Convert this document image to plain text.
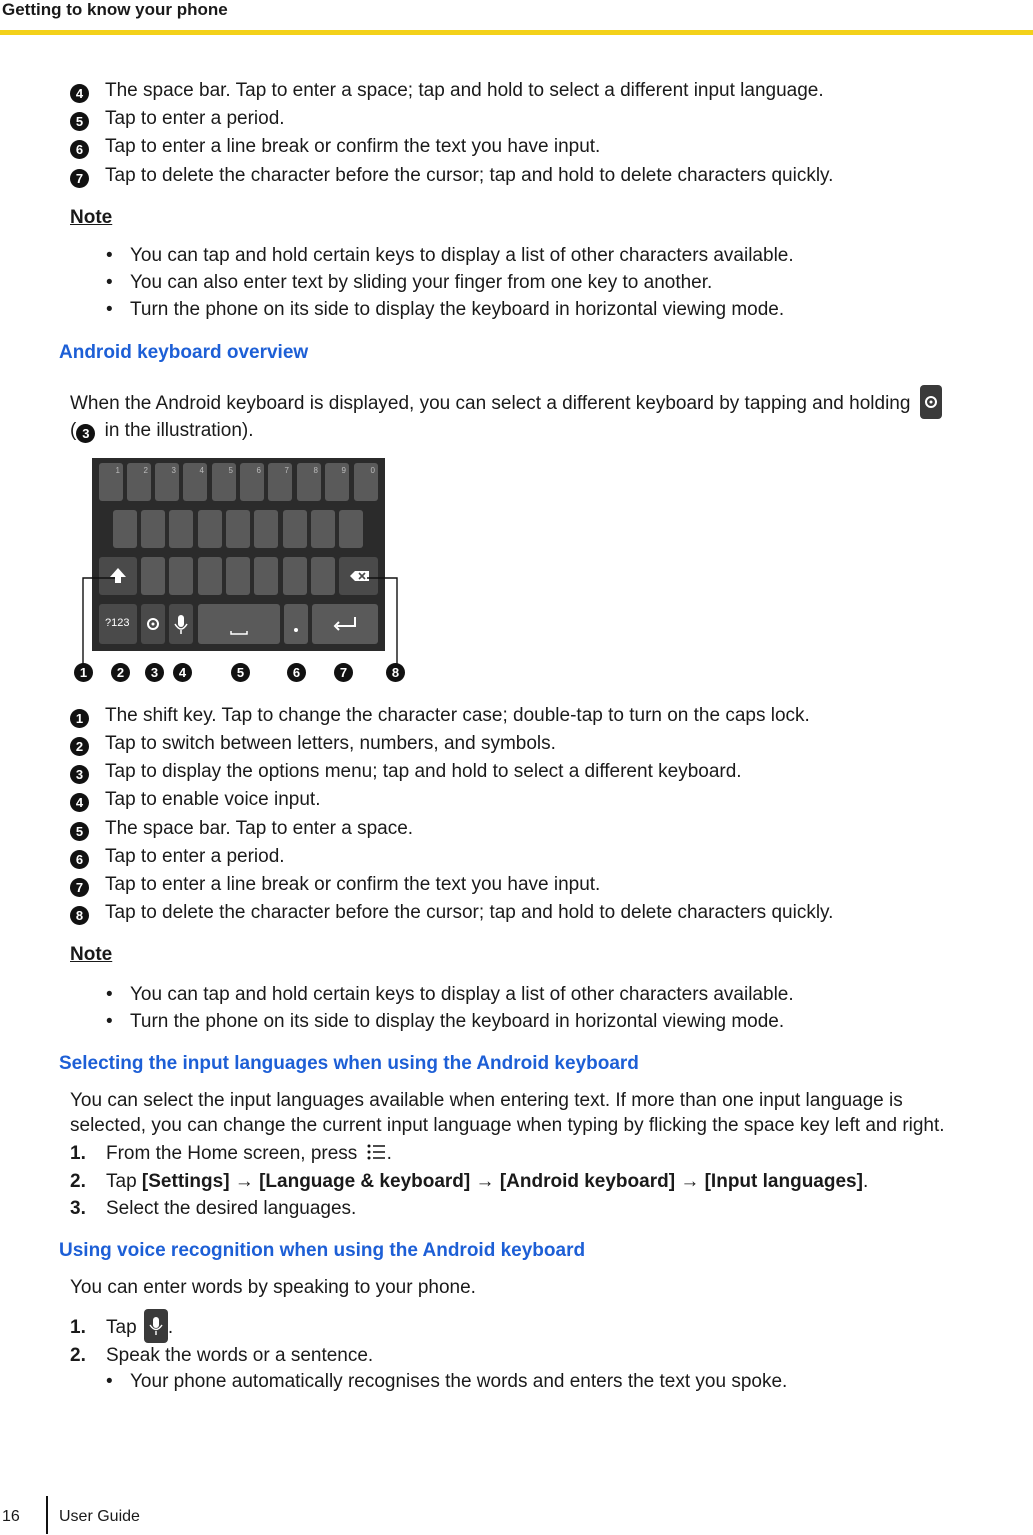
Getting to know your phone
4 The space bar. Tap to enter a space; tap and hold to select a different input language.
5 Tap to enter a period.
6 Tap to enter a line break or confirm the text you have input.
7 Tap to delete the character before the cursor; tap and hold to delete characters quickly.
Note
• You can tap and hold certain keys to display a list of other characters available.
• You can also enter text by sliding your finger from one key to another.
• Turn the phone on its side to display the keyboard in horizontal viewing mode.
Android keyboard overview
When the Android keyboard is displayed, you can select a different keyboard by tapping and holding
( 3 in the illustration).
1	2	3	4	5	6	7	8	9	0
?123
1	2	3	4	5	6	7	8
1 The shift key. Tap to change the character case; double-tap to turn on the caps lock.
2 Tap to switch between letters, numbers, and symbols.
3 Tap to display the options menu; tap and hold to select a different keyboard.
4 Tap to enable voice input.
5 The space bar. Tap to enter a space.
6 Tap to enter a period.
7 Tap to enter a line break or confirm the text you have input.
8 Tap to delete the character before the cursor; tap and hold to delete characters quickly.
Note
• You can tap and hold certain keys to display a list of other characters available.
• Turn the phone on its side to display the keyboard in horizontal viewing mode.
Selecting the input languages when using the Android keyboard
You can select the input languages available when entering text. If more than one input language is
selected, you can change the current input language when typing by flicking the space key left and right.
1. From the Home screen, press .
2. Tap [Settings] → [Language & keyboard] → [Android keyboard] → [Input languages].
3. Select the desired languages.
Using voice recognition when using the Android keyboard
You can enter words by speaking to your phone.
1. Tap .
2. Speak the words or a sentence.
• Your phone automatically recognises the words and enters the text you spoke.
16 User Guide
